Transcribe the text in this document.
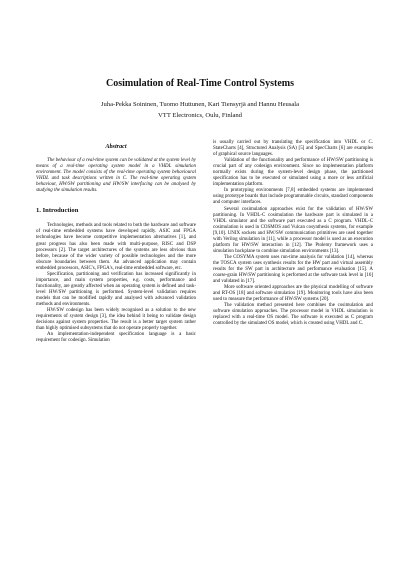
Cosimulation of Real-Time Control Systems
Juha-Pekka Soininen, Tuomo Huttunen, Kari Tiensyrjä and Hannu Heusala
VTT Electronics, Oulu, Finland
Abstract

The behaviour of a real-time system can be validated at the system level by means of a real-time operating system model in a VHDL simulation environment. The model consists of the real-time operating system behavioural VHDL and task descriptions written in C. The real-time operating system behaviour, HW/SW partitioning and HW/SW interfacing can be analysed by studying the simulation results.

1. Introduction

Technologies, methods and tools related to both the hardware and software of real-time embedded systems have developed rapidly. ASIC and FPGA technologies have become competitive implementation alternatives [1], and great progress has also been made with multi-purpose, RISC and DSP processors [2]. The target architectures of the systems are less obvious than before, because of the wider variety of possible technologies and the more obscure boundaries between them. An advanced application may contain embedded processors, ASIC's, FPGA's, real-time embedded software, etc.

Specification, partitioning and verification has increased significantly in importance, and main system properties, e.g. costs, performance and functionality, are greatly affected when an operating system is defined and task-level HW/SW partitioning is performed. System-level validation requires models that can be modified rapidly and analysed with advanced validation methods and environments.

HW/SW codesign has been widely recognised as a solution to the new requirements of system design [3], the idea behind it being to validate design decisions against system properties. The result is a better target system rather than highly optimised subsystems that do not operate properly together.

An implementation-independent specification language is a basic requirement for codesign. Simulation

is usually carried out by translating the specification into VHDL or C. StateCharts [4], Structured Analysis (SA) [5] and SpecCharts [6] are examples of graphical source languages.

Validation of the functionality and performance of HW/SW partitioning is crucial part of any codesign environment. Since no implementation platform normally exists during the system-level design phase, the partitioned specification has to be executed or simulated using a more or less artificial implementation platform.

In prototyping environments [7,8] embedded systems are implemented using prototype boards that include programmable circuits, standard components and computer interfaces.

Several cosimulation approaches exist for the validation of HW/SW partitioning. In VHDL-C cosimulation the hardware part is simulated in a VHDL simulator and the software part executed as a C program. VHDL-C cosimulation is used in COSMOS and Vulcan cosynthesis systems, for example [9,10]. UNIX sockets and HW/SW communication primitives are used together with Verilog simulation in [11], while a processor model is used as an execution platform for HW/SW interaction in [12]. The Ptolemy framework uses a simulation backplane to combine simulation environments [13].

The COSYMA system uses run-time analysis for validation [14], whereas the TOSCA system uses synthesis results for the HW part and virtual assembly results for the SW part in architecture and performance evaluation [15]. A coarse-grain HW/SW partitioning is performed at the software task level in [16] and validated in [17].

More software oriented approaches are the physical modelling of software and RT-OS [18] and software simulation [19]. Monitoring tools have also been used to measure the performance of HW/SW systems [20].

The validation method presented here combines the cosimulation and software simulation approaches. The processor model in VHDL simulation is replaced with a real-time OS model. The software is executed as C program controlled by the simulated OS model, which is created using VHDL and C.
